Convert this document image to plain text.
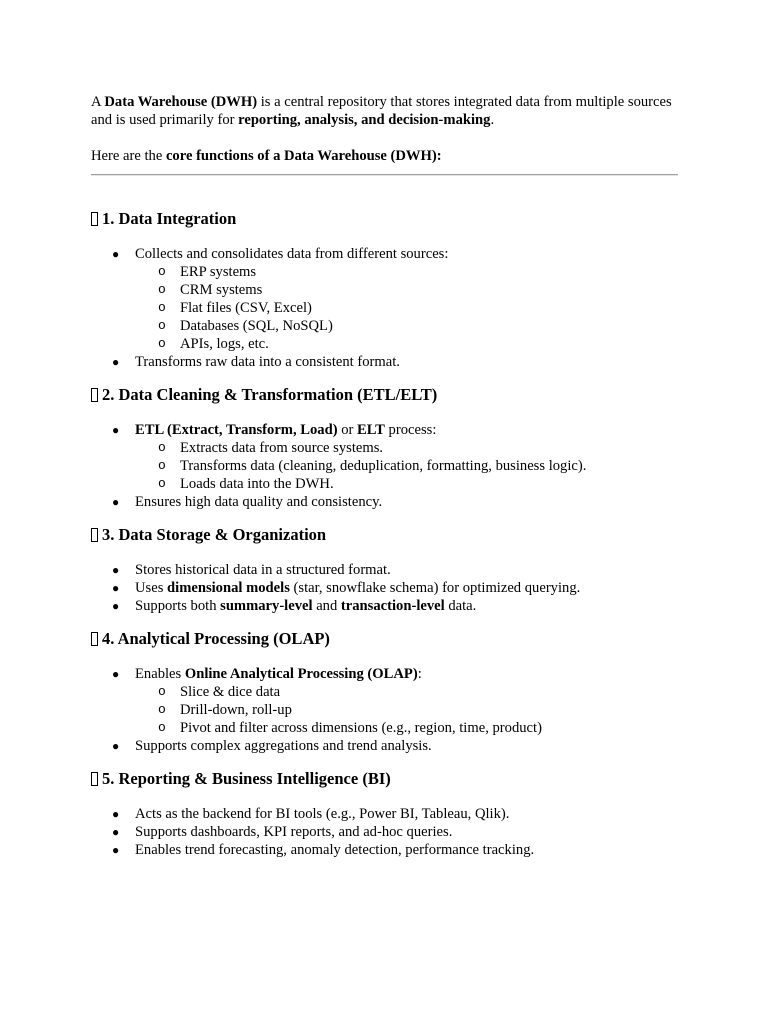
A Data Warehouse (DWH) is a central repository that stores integrated data from multiple sources and is used primarily for reporting, analysis, and decision-making.

Here are the core functions of a Data Warehouse (DWH):

1. Data Integration
● Collects and consolidates data from different sources:
o ERP systems
o CRM systems
o Flat files (CSV, Excel)
o Databases (SQL, NoSQL)
o APIs, logs, etc.
● Transforms raw data into a consistent format.
2. Data Cleaning & Transformation (ETL/ELT)
● ETL (Extract, Transform, Load) or ELT process:
o Extracts data from source systems.
o Transforms data (cleaning, deduplication, formatting, business logic).
o Loads data into the DWH.
● Ensures high data quality and consistency.
3. Data Storage & Organization
● Stores historical data in a structured format.
● Uses dimensional models (star, snowflake schema) for optimized querying.
● Supports both summary-level and transaction-level data.
4. Analytical Processing (OLAP)
● Enables Online Analytical Processing (OLAP):
o Slice & dice data
o Drill-down, roll-up
o Pivot and filter across dimensions (e.g., region, time, product)
● Supports complex aggregations and trend analysis.
5. Reporting & Business Intelligence (BI)
● Acts as the backend for BI tools (e.g., Power BI, Tableau, Qlik).
● Supports dashboards, KPI reports, and ad-hoc queries.
● Enables trend forecasting, anomaly detection, performance tracking.
